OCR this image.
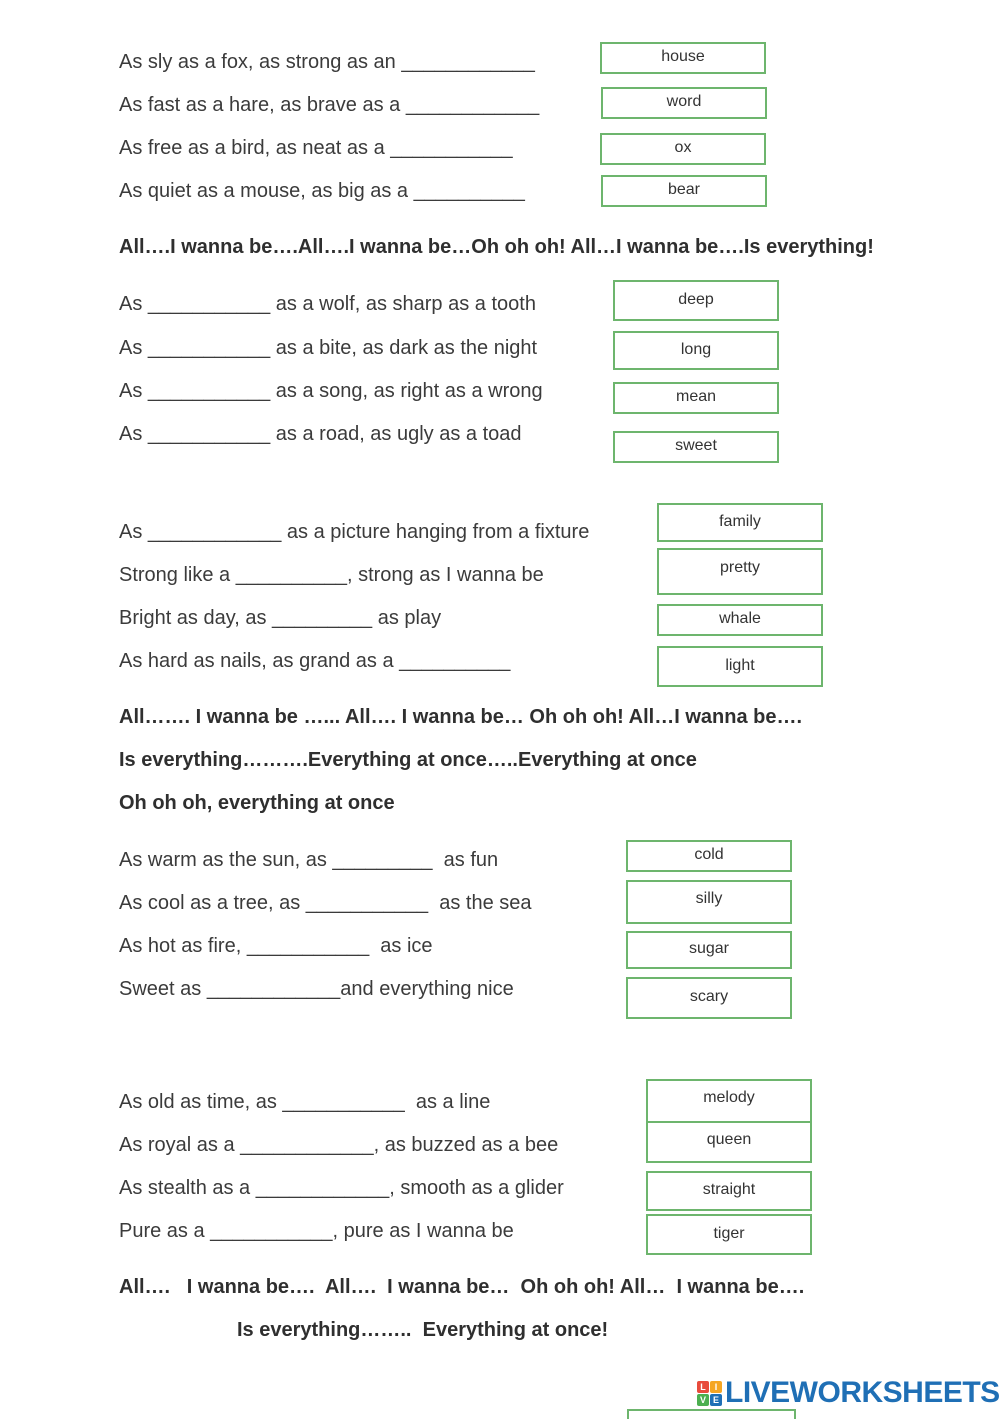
As sly as a fox, as strong as an ____________
As fast as a hare, as brave as a ____________
As free as a bird, as neat as a ___________
As quiet as a mouse, as big as a __________
house
word
ox
bear
All….I wanna be….All….I wanna be…Oh oh oh! All…I wanna be….Is everything!
As ___________ as a wolf, as sharp as a tooth
As ___________ as a bite, as dark as the night
As ___________ as a song, as right as a wrong
As ___________ as a road, as ugly as a toad
deep
long
mean
sweet
As ____________ as a picture hanging from a fixture
Strong like a __________, strong as I wanna be
Bright as day, as _________ as play
As hard as nails, as grand as a __________
family
pretty
whale
light
All……. I wanna be …... All…. I wanna be… Oh oh oh! All…I wanna be….
Is everything……….Everything at once…..Everything at once
Oh oh oh, everything at once
As warm as the sun, as _________  as fun
As cool as a tree, as ___________  as the sea
As hot as fire, ___________  as ice
Sweet as ____________and everything nice
cold
silly
sugar
scary
As old as time, as ___________  as a line
As royal as a ____________, as buzzed as a bee
As stealth as a ____________, smooth as a glider
Pure as a ___________, pure as I wanna be
melody
queen
straight
tiger
All….   I wanna be….  All….  I wanna be…  Oh oh oh! All…  I wanna be….
Is everything……..  Everything at once!
L I
V E LIVEWORKSHEETS
